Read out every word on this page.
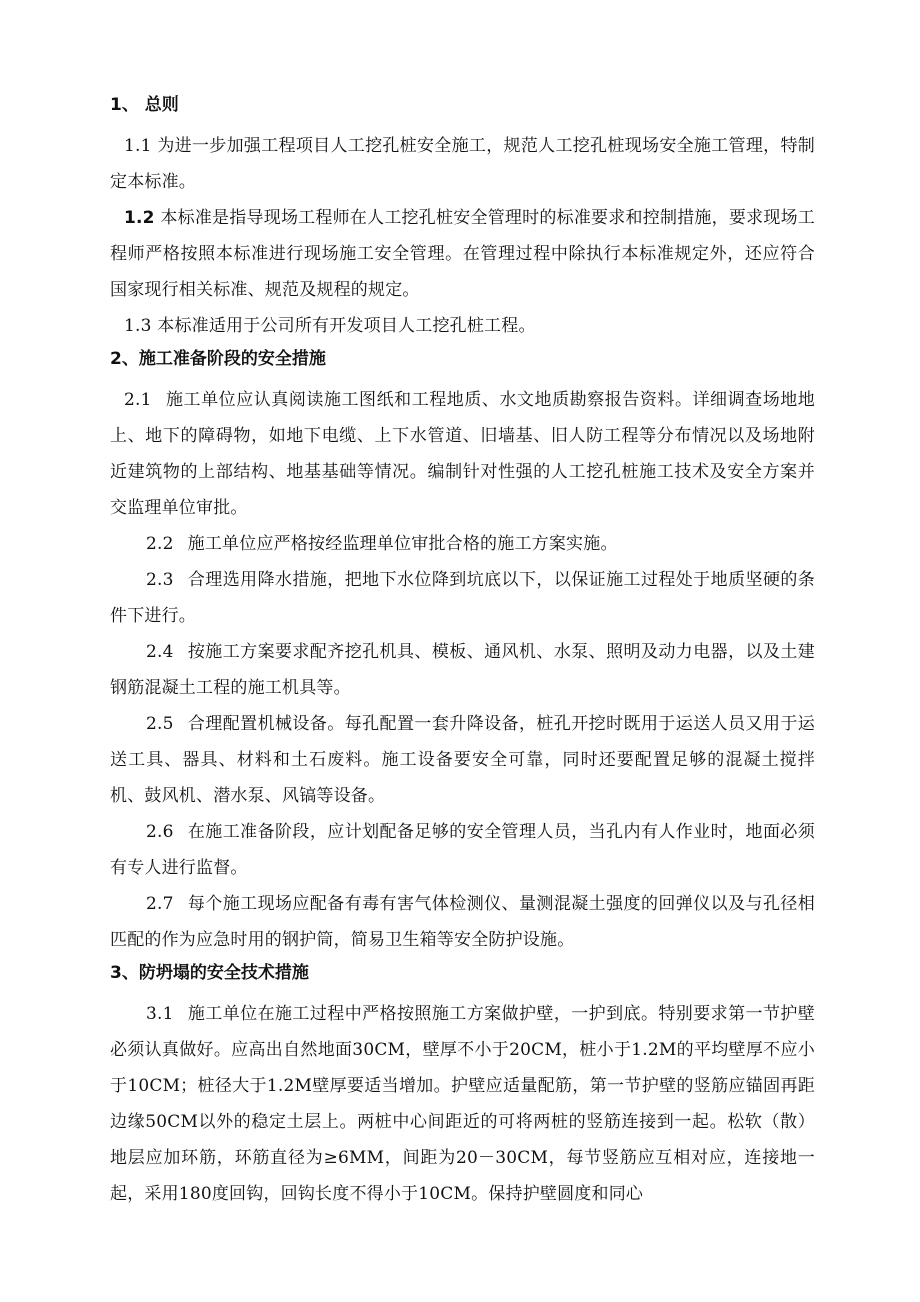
1、 总则

1.1 为进一步加强工程项目人工挖孔桩安全施工，规范人工挖孔桩现场安全施工管理，特制定本标准。

1.2 本标准是指导现场工程师在人工挖孔桩安全管理时的标准要求和控制措施，要求现场工程师严格按照本标准进行现场施工安全管理。在管理过程中除执行本标准规定外，还应符合国家现行相关标准、规范及规程的规定。

1.3 本标准适用于公司所有开发项目人工挖孔桩工程。

2、施工准备阶段的安全措施

2.1 施工单位应认真阅读施工图纸和工程地质、水文地质勘察报告资料。详细调查场地地上、地下的障碍物，如地下电缆、上下水管道、旧墙基、旧人防工程等分布情况以及场地附近建筑物的上部结构、地基基础等情况。编制针对性强的人工挖孔桩施工技术及安全方案并交监理单位审批。

2.2 施工单位应严格按经监理单位审批合格的施工方案实施。

2.3 合理选用降水措施，把地下水位降到坑底以下，以保证施工过程处于地质坚硬的条件下进行。

2.4 按施工方案要求配齐挖孔机具、模板、通风机、水泵、照明及动力电器，以及土建钢筋混凝土工程的施工机具等。

2.5 合理配置机械设备。每孔配置一套升降设备，桩孔开挖时既用于运送人员又用于运送工具、器具、材料和土石废料。施工设备要安全可靠，同时还要配置足够的混凝土搅拌机、鼓风机、潜水泵、风镐等设备。

2.6 在施工准备阶段，应计划配备足够的安全管理人员，当孔内有人作业时，地面必须有专人进行监督。

2.7 每个施工现场应配备有毒有害气体检测仪、量测混凝土强度的回弹仪以及与孔径相匹配的作为应急时用的钢护筒，简易卫生箱等安全防护设施。

3、防坍塌的安全技术措施

3.1 施工单位在施工过程中严格按照施工方案做护壁，一护到底。特别要求第一节护壁必须认真做好。应高出自然地面30CM，壁厚不小于20CM，桩小于1.2M的平均壁厚不应小于10CM；桩径大于1.2M壁厚要适当增加。护壁应适量配筋，第一节护壁的竖筋应锚固再距边缘50CM以外的稳定土层上。两桩中心间距近的可将两桩的竖筋连接到一起。松软（散）地层应加环筋，环筋直径为≥6MM，间距为20－30CM，每节竖筋应互相对应，连接地一起，采用180度回钩，回钩长度不得小于10CM。保持护壁圆度和同心
